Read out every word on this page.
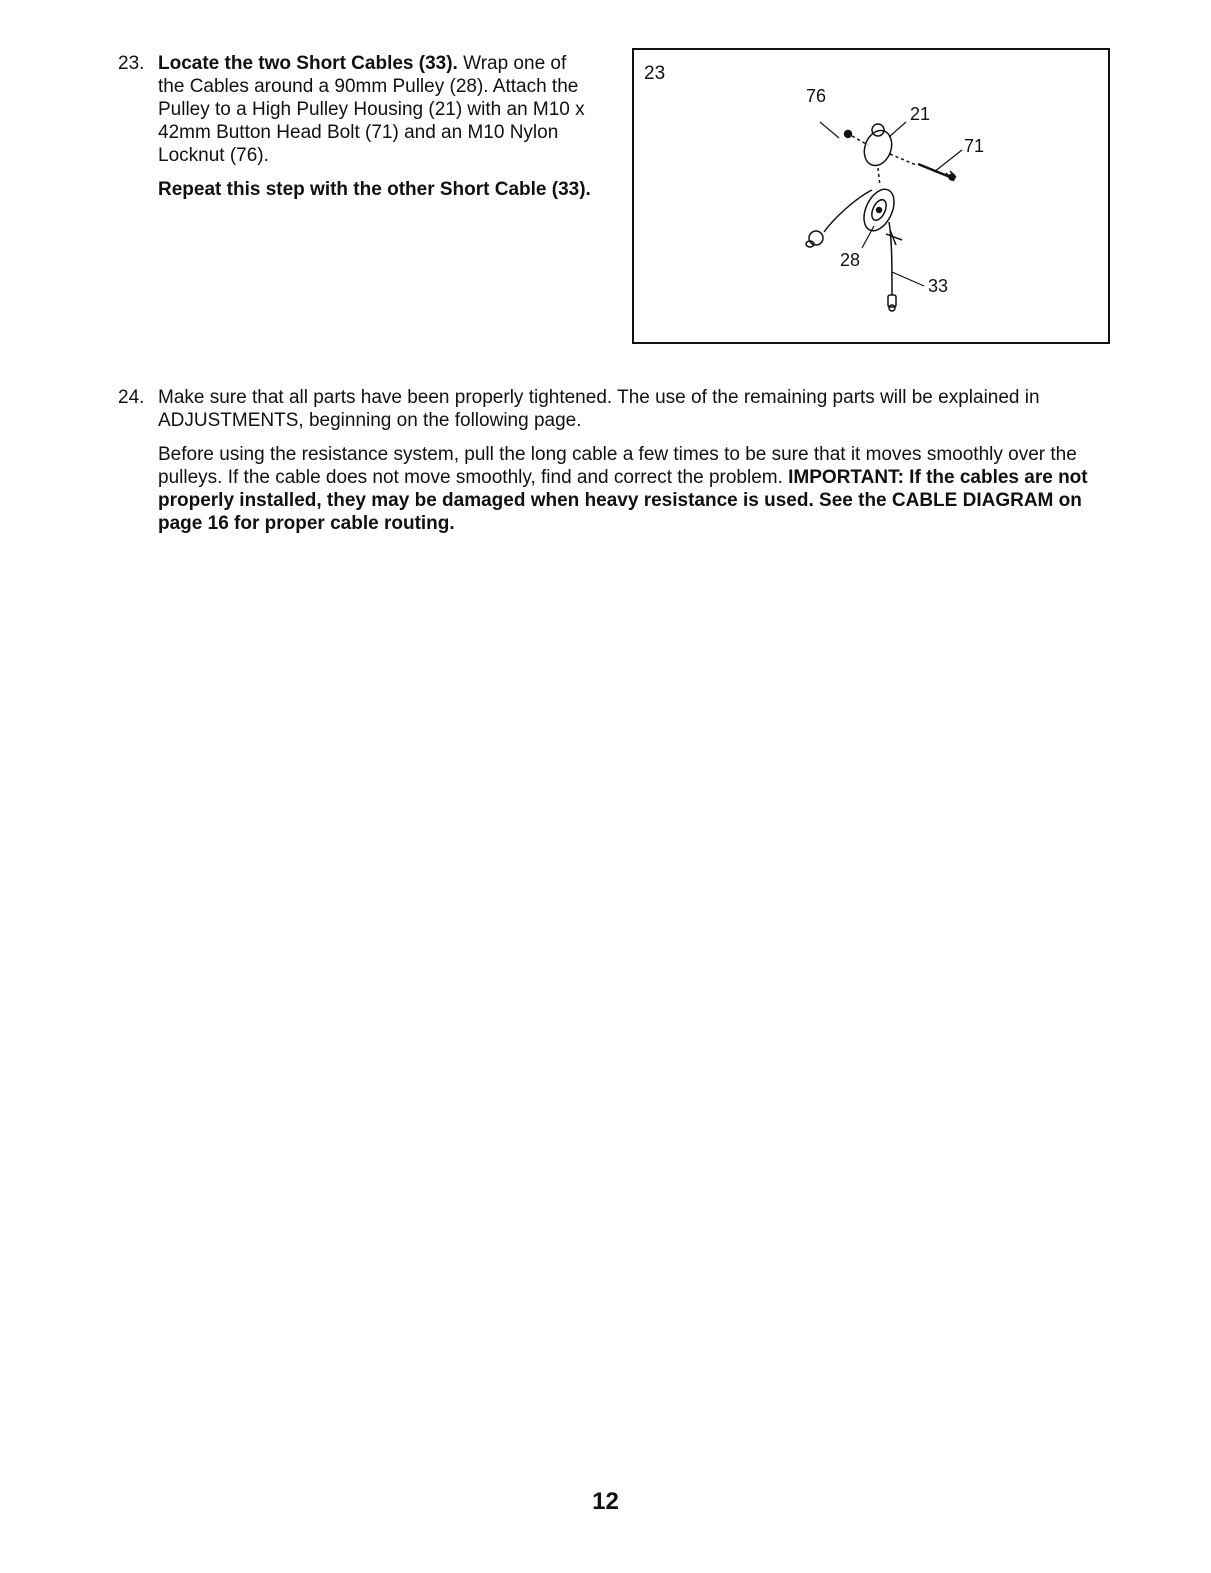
23. Locate the two Short Cables (33). Wrap one of the Cables around a 90mm Pulley (28). Attach the Pulley to a High Pulley Housing (21) with an M10 x 42mm Button Head Bolt (71) and an M10 Nylon Locknut (76).

Repeat this step with the other Short Cable (33).

23
76
21
71
28
33
24. Make sure that all parts have been properly tightened. The use of the remaining parts will be explained in ADJUSTMENTS, beginning on the following page.

Before using the resistance system, pull the long cable a few times to be sure that it moves smoothly over the pulleys. If the cable does not move smoothly, find and correct the problem. IMPORTANT: If the cables are not properly installed, they may be damaged when heavy resistance is used. See the CABLE DIAGRAM on page 16 for proper cable routing.

12
